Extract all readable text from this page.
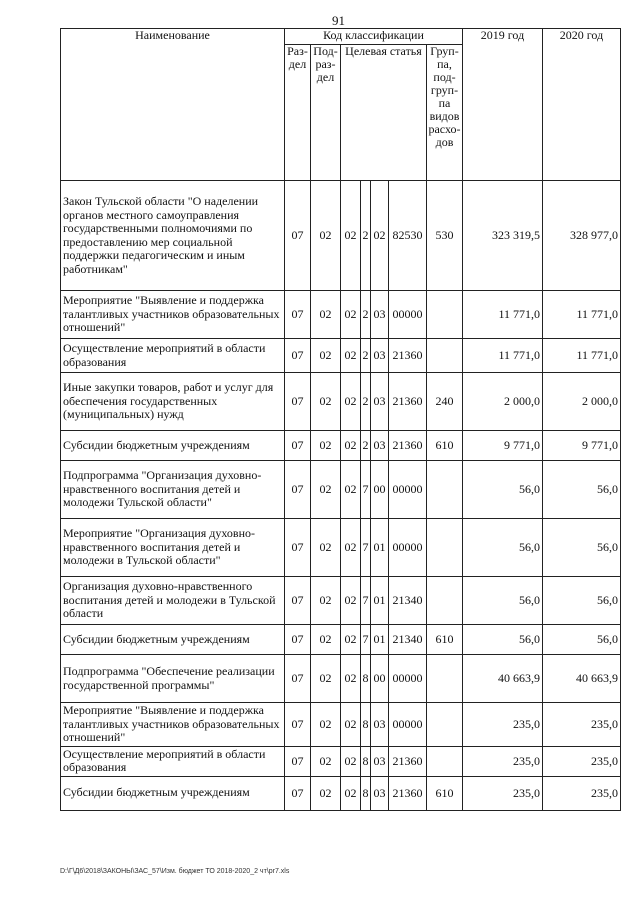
91
Наименование	Код классификации							2019 год	2020 год
	Раз-дел	Под-раз-дел	Целевая статья				Груп-па, под-груп-па видов расхо-дов		
Закон Тульской области "О наделении органов местного самоуправления государственными полномочиями по предоставлению мер социальной поддержки педагогическим и иным работникам"	07	02	02	2	02	82530	530	323 319,5	328 977,0
Мероприятие "Выявление и поддержка талантливых участников образовательных отношений"	07	02	02	2	03	00000		11 771,0	11 771,0
Осуществление мероприятий в области образования	07	02	02	2	03	21360		11 771,0	11 771,0
Иные закупки товаров, работ и услуг для обеспечения государственных (муниципальных) нужд	07	02	02	2	03	21360	240	2 000,0	2 000,0
Субсидии бюджетным учреждениям	07	02	02	2	03	21360	610	9 771,0	9 771,0
Подпрограмма "Организация духовно-нравственного воспитания детей и молодежи Тульской области"	07	02	02	7	00	00000		56,0	56,0
Мероприятие "Организация духовно-нравственного воспитания детей и молодежи в Тульской области"	07	02	02	7	01	00000		56,0	56,0
Организация духовно-нравственного воспитания детей и молодежи в Тульской области	07	02	02	7	01	21340		56,0	56,0
Субсидии бюджетным учреждениям	07	02	02	7	01	21340	610	56,0	56,0
Подпрограмма "Обеспечение реализации государственной программы"	07	02	02	8	00	00000		40 663,9	40 663,9
Мероприятие "Выявление и поддержка талантливых участников образовательных отношений"	07	02	02	8	03	00000		235,0	235,0
Осуществление мероприятий в области образования	07	02	02	8	03	21360		235,0	235,0
Субсидии бюджетным учреждениям	07	02	02	8	03	21360	610	235,0	235,0
D:\Г\Д6\2018\ЗАКОНЫ\ЗАС_57\Изм. бюджет ТО 2018-2020_2 чт\pr7.xls
